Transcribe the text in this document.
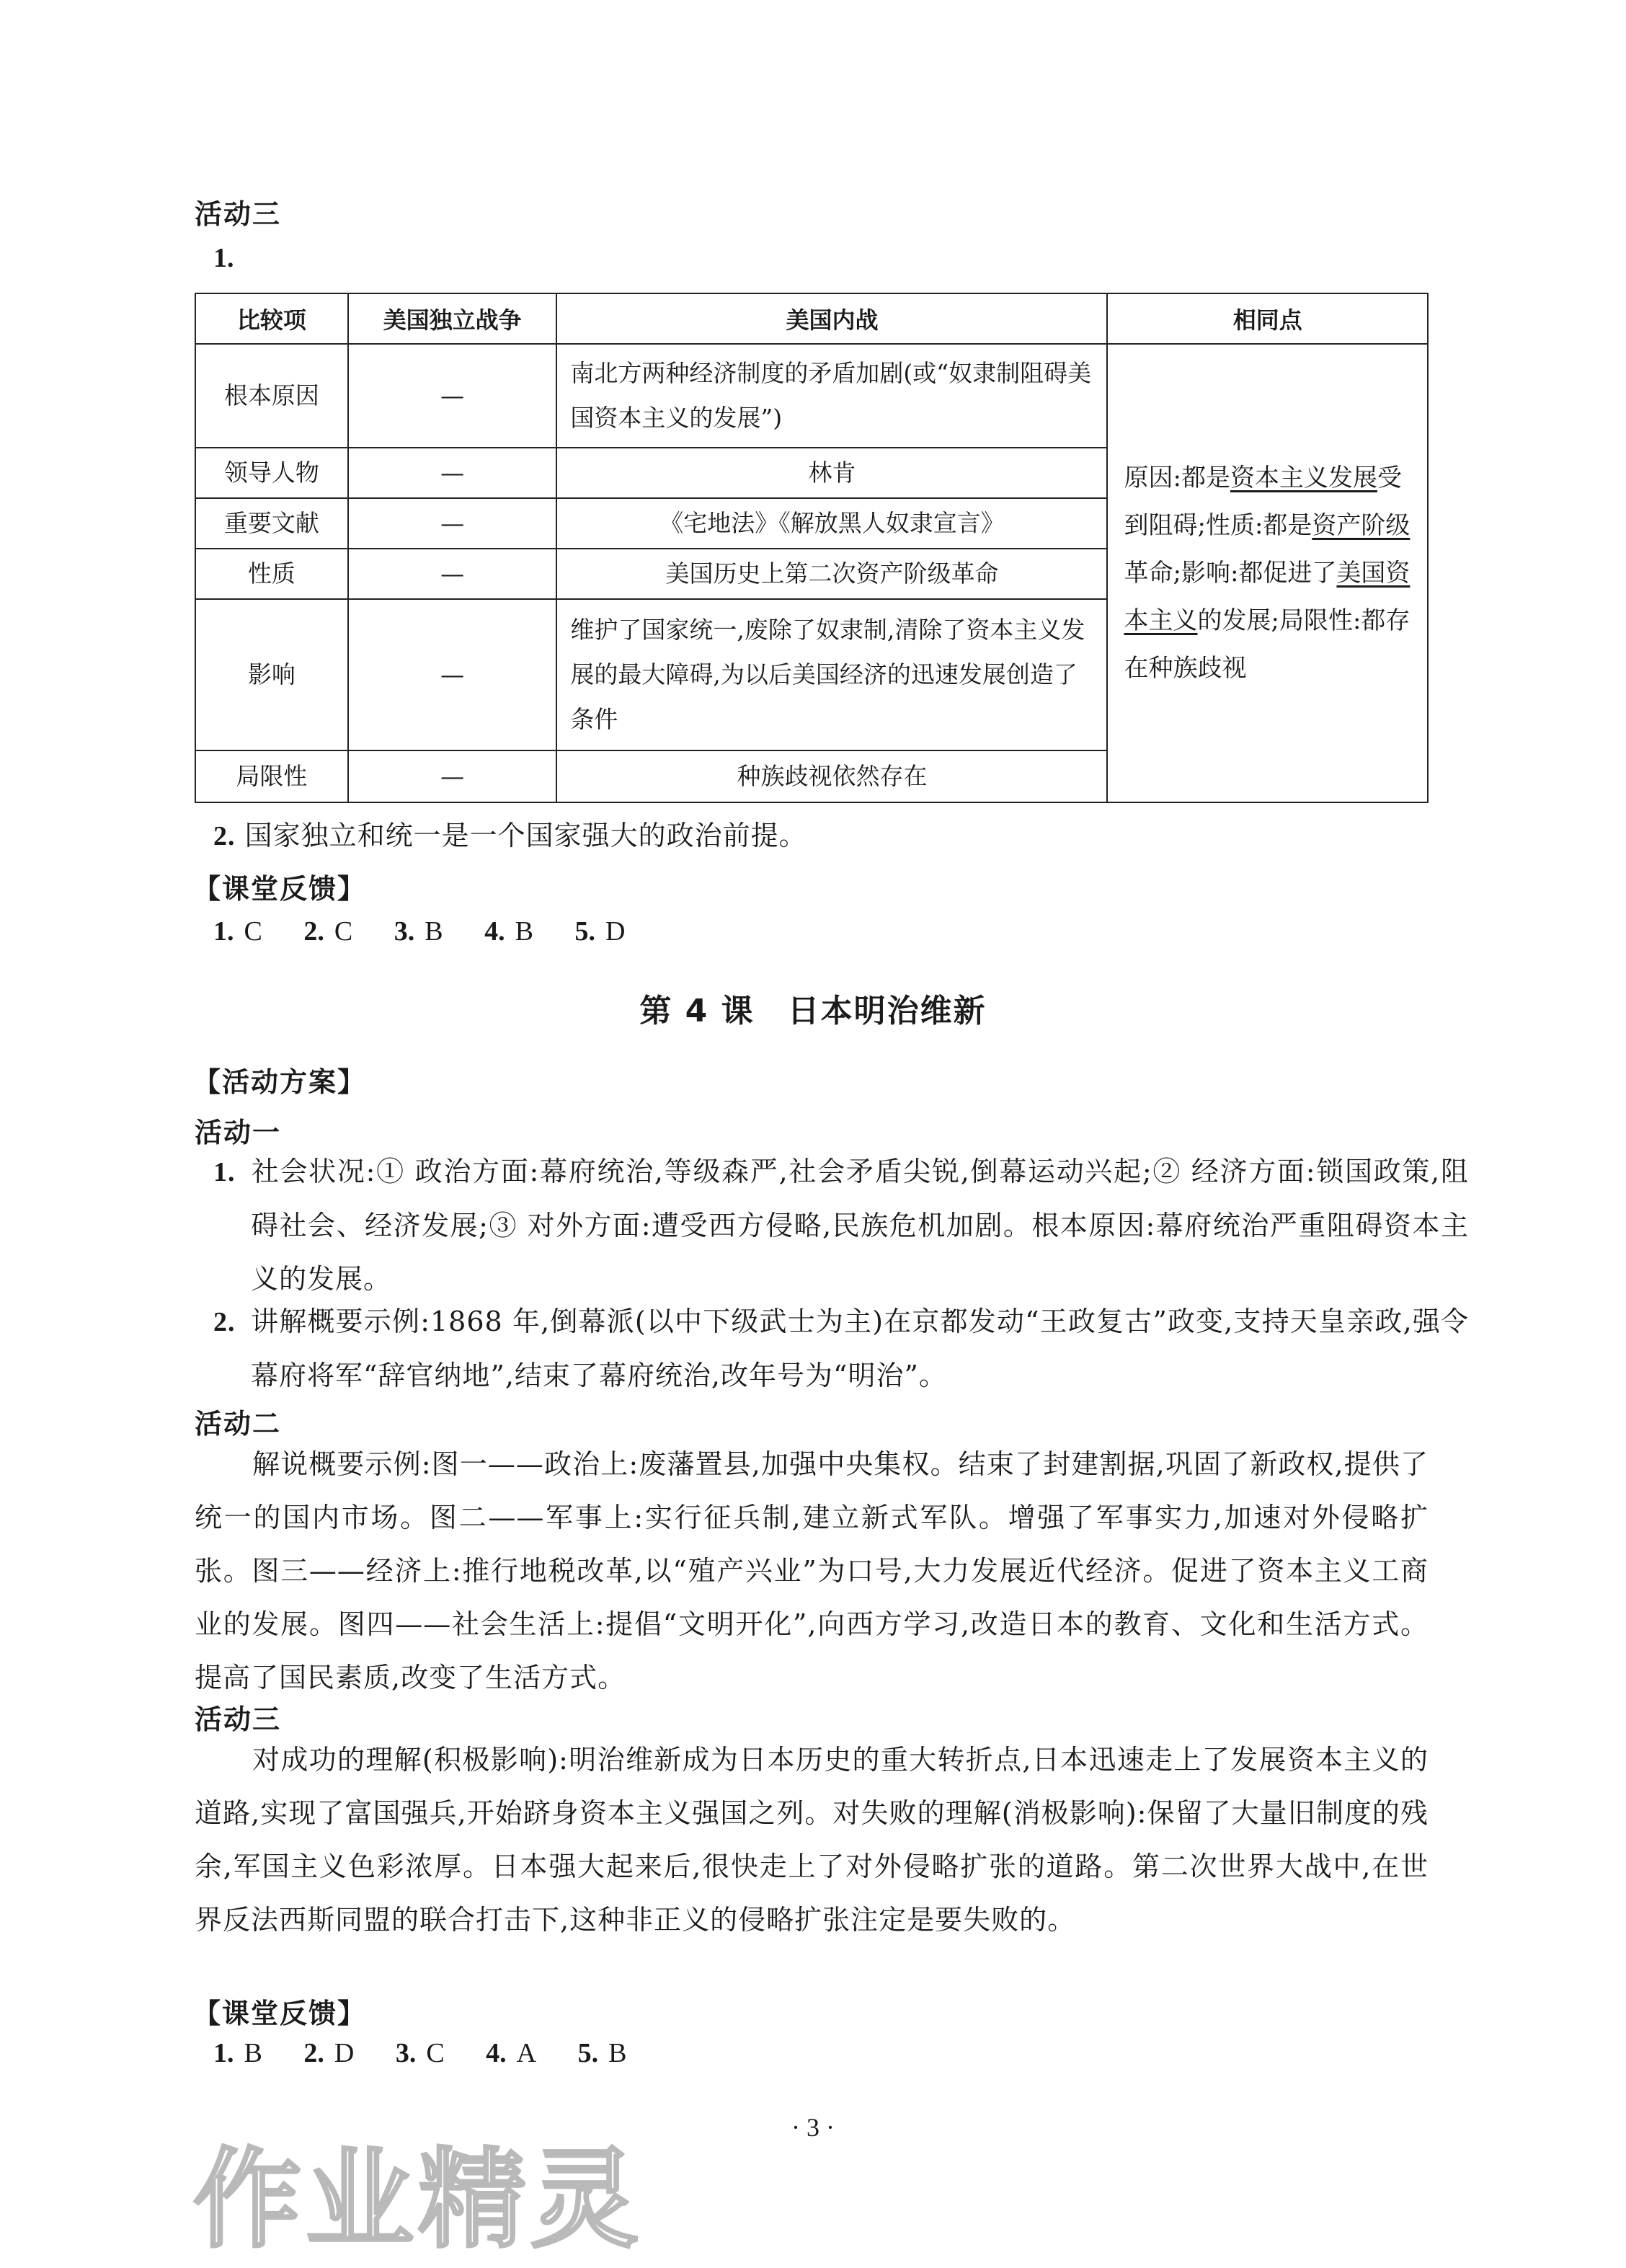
活动三
1.
比较项	美国独立战争	美国内战	相同点
根本原因	—	南北方两种经济制度的矛盾加剧(或“奴隶制阻碍美国资本主义的发展”)	原因:都是资本主义发展受到阻碍;性质:都是资产阶级革命;影响:都促进了美国资本主义的发展;局限性:都存在种族歧视
领导人物	—	林肯	
重要文献	—	《宅地法》《解放黑人奴隶宣言》	
性质	—	美国历史上第二次资产阶级革命	
影响	—	维护了国家统一,废除了奴隶制,清除了资本主义发展的最大障碍,为以后美国经济的迅速发展创造了条件	
局限性	—	种族歧视依然存在	
2. 国家独立和统一是一个国家强大的政治前提。
【课堂反馈】
1. C 2. C 3. B 4. B 5. D
第 4 课　日本明治维新
【活动方案】
活动一
1. 社会状况:① 政治方面:幕府统治,等级森严,社会矛盾尖锐,倒幕运动兴起;② 经济方面:锁国政策,阻碍社会、经济发展;③ 对外方面:遭受西方侵略,民族危机加剧。根本原因:幕府统治严重阻碍资本主义的发展。
2. 讲解概要示例:1868 年,倒幕派(以中下级武士为主)在京都发动“王政复古”政变,支持天皇亲政,强令幕府将军“辞官纳地”,结束了幕府统治,改年号为“明治”。
活动二
解说概要示例:图一——政治上:废藩置县,加强中央集权。结束了封建割据,巩固了新政权,提供了统一的国内市场。图二——军事上:实行征兵制,建立新式军队。增强了军事实力,加速对外侵略扩张。图三——经济上:推行地税改革,以“殖产兴业”为口号,大力发展近代经济。促进了资本主义工商业的发展。图四——社会生活上:提倡“文明开化”,向西方学习,改造日本的教育、文化和生活方式。提高了国民素质,改变了生活方式。
活动三
对成功的理解(积极影响):明治维新成为日本历史的重大转折点,日本迅速走上了发展资本主义的道路,实现了富国强兵,开始跻身资本主义强国之列。对失败的理解(消极影响):保留了大量旧制度的残余,军国主义色彩浓厚。日本强大起来后,很快走上了对外侵略扩张的道路。第二次世界大战中,在世界反法西斯同盟的联合打击下,这种非正义的侵略扩张注定是要失败的。
【课堂反馈】
1. B 2. D 3. C 4. A 5. B
· 3 ·
作业精灵
